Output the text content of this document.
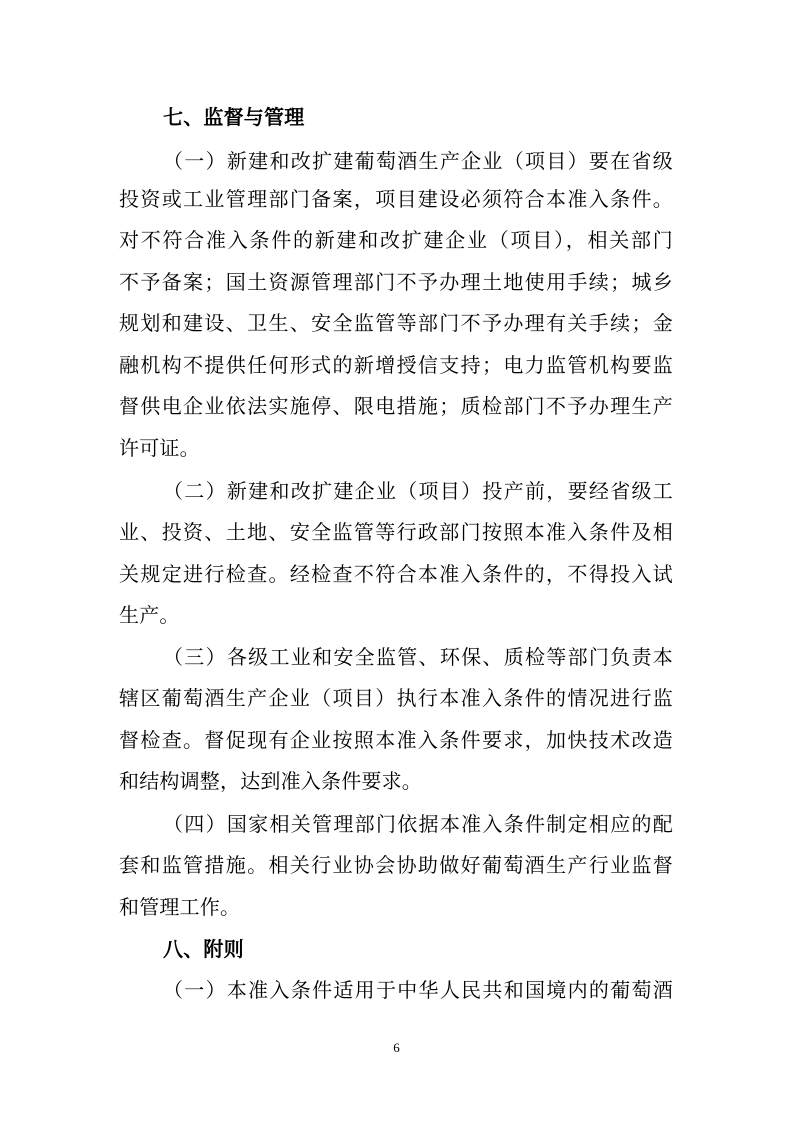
七、监督与管理
（一）新建和改扩建葡萄酒生产企业（项目）要在省级
投资或工业管理部门备案，项目建设必须符合本准入条件。
对不符合准入条件的新建和改扩建企业（项目），相关部门
不予备案；国土资源管理部门不予办理土地使用手续；城乡
规划和建设、卫生、安全监管等部门不予办理有关手续；金
融机构不提供任何形式的新增授信支持；电力监管机构要监
督供电企业依法实施停、限电措施；质检部门不予办理生产
许可证。
（二）新建和改扩建企业（项目）投产前，要经省级工
业、投资、土地、安全监管等行政部门按照本准入条件及相
关规定进行检查。经检查不符合本准入条件的，不得投入试
生产。
（三）各级工业和安全监管、环保、质检等部门负责本
辖区葡萄酒生产企业（项目）执行本准入条件的情况进行监
督检查。督促现有企业按照本准入条件要求，加快技术改造
和结构调整，达到准入条件要求。
（四）国家相关管理部门依据本准入条件制定相应的配
套和监管措施。相关行业协会协助做好葡萄酒生产行业监督
和管理工作。
八、附则
（一）本准入条件适用于中华人民共和国境内的葡萄酒
6
